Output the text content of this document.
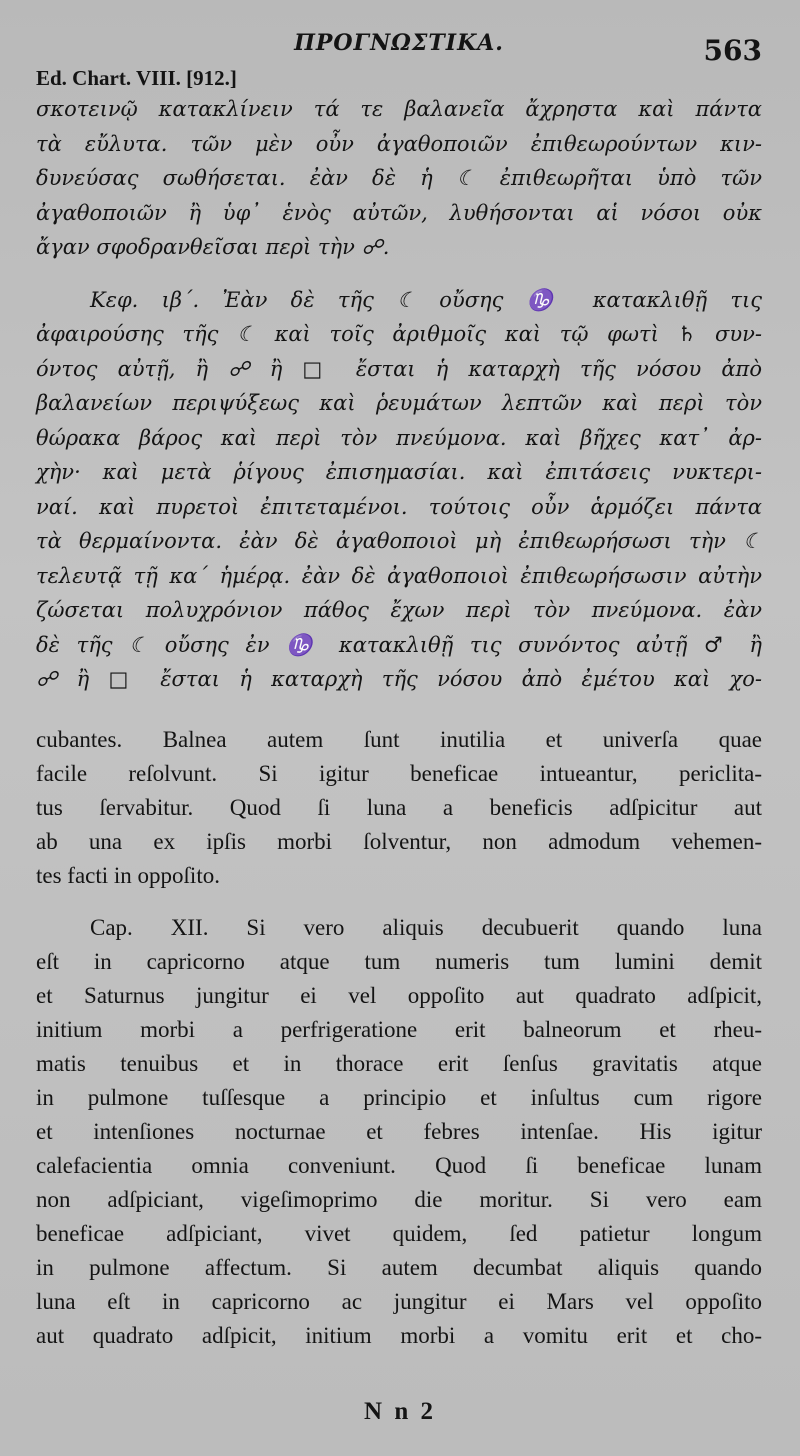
ΠΡΟΓΝΩΣΤΙΚΑ.	563
Ed. Chart. VIII. [912.]
σκοτεινῷ κατακλίνειν τά τε βαλανεῖα ἄχρηστα καὶ πάντα
τὰ εὔλυτα. τῶν μὲν οὖν ἀγαθοποιῶν ἐπιθεωρούντων κιν-
δυνεύσας σωθήσεται. ἐὰν δὲ ἡ ☾ ἐπιθεωρῆται ὑπὸ τῶν
ἀγαθοποιῶν ἢ ὑφ᾽ ἑνὸς αὐτῶν, λυθήσονται αἱ νόσοι οὐκ
ἄγαν σφοδρανθεῖσαι περὶ τὴν ☍.
Κεφ. ιβ΄. Ἐὰν δὲ τῆς ☾ οὔσης ♑ κατακλιθῇ τις
ἀφαιρούσης τῆς ☾ καὶ τοῖς ἀριθμοῖς καὶ τῷ φωτὶ ♄ συν-
όντος αὐτῇ, ἢ ☍ ἢ □ ἔσται ἡ καταρχὴ τῆς νόσου ἀπὸ
βαλανείων περιψύξεως καὶ ῥευμάτων λεπτῶν καὶ περὶ τὸν
θώρακα βάρος καὶ περὶ τὸν πνεύμονα. καὶ βῆχες κατ᾽ ἀρ-
χὴν· καὶ μετὰ ῥίγους ἐπισημασίαι. καὶ ἐπιτάσεις νυκτερι-
ναί. καὶ πυρετοὶ ἐπιτεταμένοι. τούτοις οὖν ἁρμόζει πάντα
τὰ θερμαίνοντα. ἐὰν δὲ ἀγαθοποιοὶ μὴ ἐπιθεωρήσωσι τὴν ☾
τελευτᾷ τῇ κα΄ ἡμέρᾳ. ἐὰν δὲ ἀγαθοποιοὶ ἐπιθεωρήσωσιν αὐτὴν
ζώσεται πολυχρόνιον πάθος ἔχων περὶ τὸν πνεύμονα. ἐὰν
δὲ τῆς ☾ οὔσης ἐν ♑ κατακλιθῇ τις συνόντος αὐτῇ ♂ ἢ
☍ ἢ □ ἔσται ἡ καταρχὴ τῆς νόσου ἀπὸ ἐμέτου καὶ χο-
cubantes. Balnea autem ſunt inutilia et univerſa quae
facile reſolvunt. Si igitur beneficae intueantur, periclita-
tus ſervabitur. Quod ſi luna a beneficis adſpicitur aut
ab una ex ipſis morbi ſolventur, non admodum vehemen-
tes facti in oppoſito.
Cap. XII. Si vero aliquis decubuerit quando luna
eſt in capricorno atque tum numeris tum lumini demit
et Saturnus jungitur ei vel oppoſito aut quadrato adſpicit,
initium morbi a perfrigeratione erit balneorum et rheu-
matis tenuibus et in thorace erit ſenſus gravitatis atque
in pulmone tuſſesque a principio et inſultus cum rigore
et intenſiones nocturnae et febres intenſae. His igitur
calefacientia omnia conveniunt. Quod ſi beneficae lunam
non adſpiciant, vigeſimoprimo die moritur. Si vero eam
beneficae adſpiciant, vivet quidem, ſed patietur longum
in pulmone affectum. Si autem decumbat aliquis quando
luna eſt in capricorno ac jungitur ei Mars vel oppoſito
aut quadrato adſpicit, initium morbi a vomitu erit et cho-
N n 2
